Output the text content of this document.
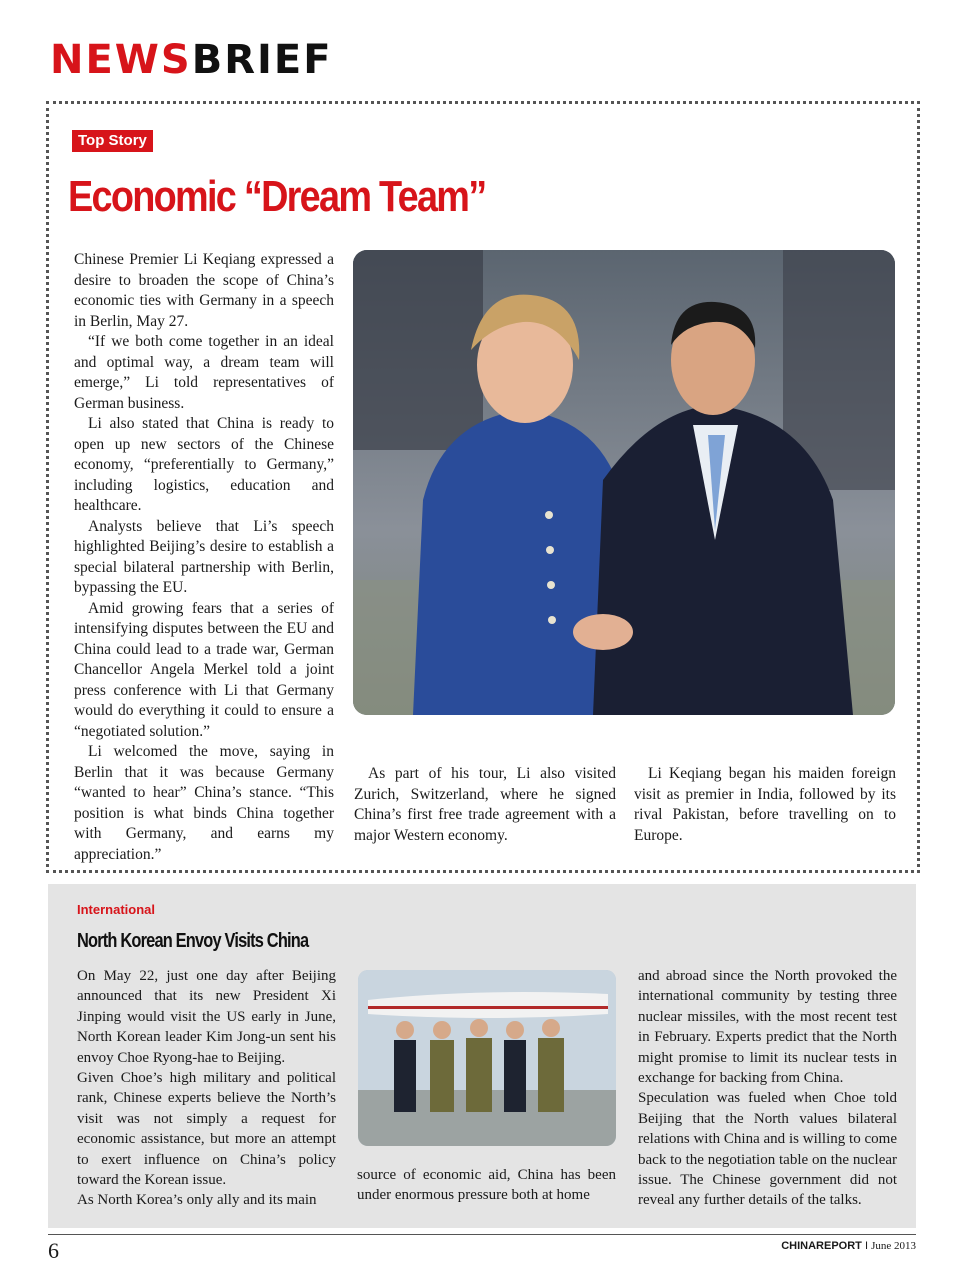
NEWSBRIEF
Top Story
Economic “Dream Team”

Chinese Premier Li Keqiang expressed a desire to broaden the scope of China’s economic ties with Germany in a speech in Berlin, May 27.

“If we both come together in an ideal and optimal way, a dream team will emerge,” Li told representatives of German business.

Li also stated that China is ready to open up new sectors of the Chinese economy, “preferentially to Germany,” including logistics, education and healthcare.

Analysts believe that Li’s speech highlighted Beijing’s desire to establish a special bilateral partnership with Berlin, bypassing the EU.

Amid growing fears that a series of intensifying disputes between the EU and China could lead to a trade war, German Chancellor Angela Merkel told a joint press conference with Li that Germany would do everything it could to ensure a “negotiated solution.”

Li welcomed the move, saying in Berlin that it was because Germany “wanted to hear” China’s stance. “This position is what binds China together with Germany, and earns my appreciation.”

As part of his tour, Li also visited Zurich, Switzerland, where he signed China’s first free trade agreement with a major Western economy.

Li Keqiang began his maiden foreign visit as premier in India, followed by its rival Pakistan, before travelling on to Europe.

International
North Korean Envoy Visits China

On May 22, just one day after Beijing announced that its new President Xi Jinping would visit the US early in June, North Korean leader Kim Jong-un sent his envoy Choe Ryong-hae to Beijing.

Given Choe’s high military and political rank, Chinese experts believe the North’s visit was not simply a request for economic assistance, but more an attempt to exert influence on China’s policy toward the Korean issue.

As North Korea’s only ally and its main

source of economic aid, China has been under enormous pressure both at home

and abroad since the North provoked the international community by testing three nuclear missiles, with the most recent test in February. Experts predict that the North might promise to limit its nuclear tests in exchange for backing from China.

Speculation was fueled when Choe told Beijing that the North values bilateral relations with China and is willing to come back to the negotiation table on the nuclear issue. The Chinese government did not reveal any further details of the talks.

6	CHINAREPORT I June 2013
